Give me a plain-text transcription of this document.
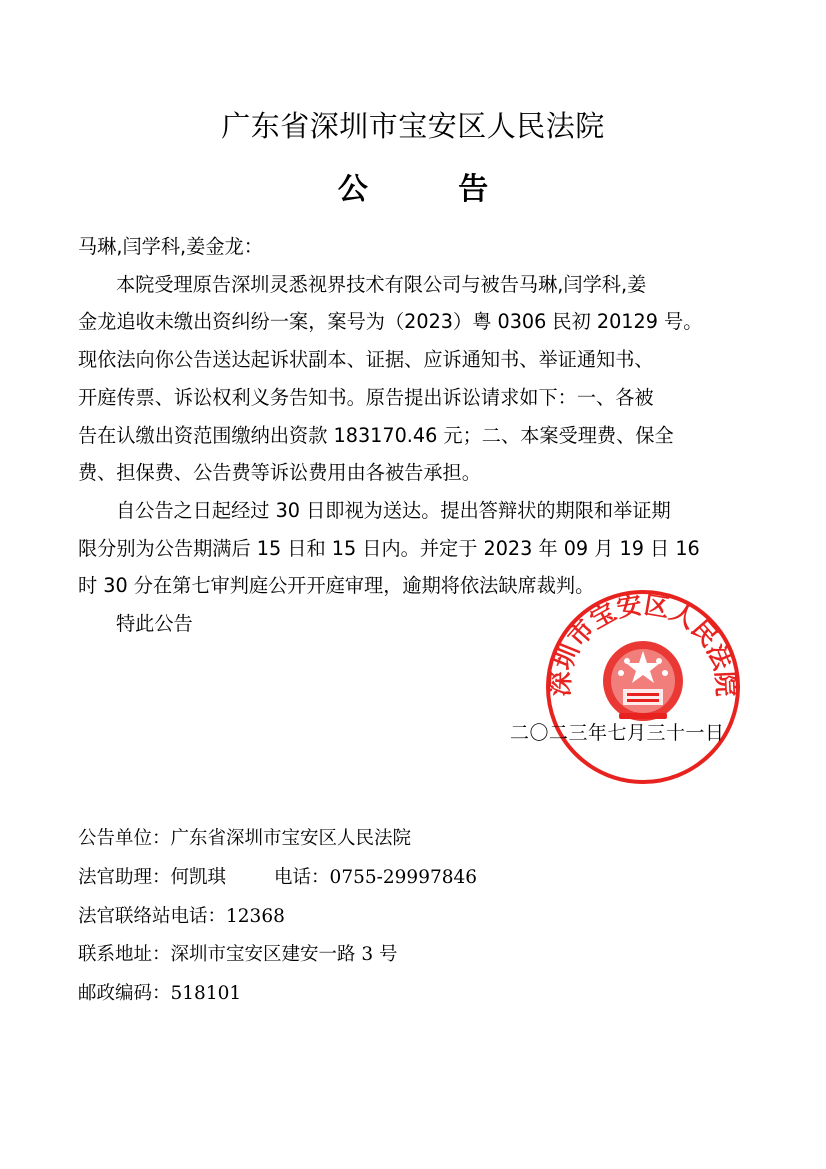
广东省深圳市宝安区人民法院
公 告

马琳,闫学科,姜金龙：

本院受理原告深圳灵悉视界技术有限公司与被告马琳,闫学科,姜
金龙追收未缴出资纠纷一案，案号为（2023）粤 0306 民初 20129 号。
现依法向你公告送达起诉状副本、证据、应诉通知书、举证通知书、
开庭传票、诉讼权利义务告知书。原告提出诉讼请求如下：一、各被
告在认缴出资范围缴纳出资款 183170.46 元；二、本案受理费、保全
费、担保费、公告费等诉讼费用由各被告承担。

自公告之日起经过 30 日即视为送达。提出答辩状的期限和举证期
限分别为公告期满后 15 日和 15 日内。并定于 2023 年 09 月 19 日 16
时 30 分在第七审判庭公开开庭审理，逾期将依法缺席裁判。

特此公告

深圳市宝安区人民法院
二〇二三年七月三十一日
公告单位：广东省深圳市宝安区人民法院
法官助理：何凯琪	电话：0755-29997846
法官联络站电话：12368
联系地址：深圳市宝安区建安一路 3 号
邮政编码：518101
